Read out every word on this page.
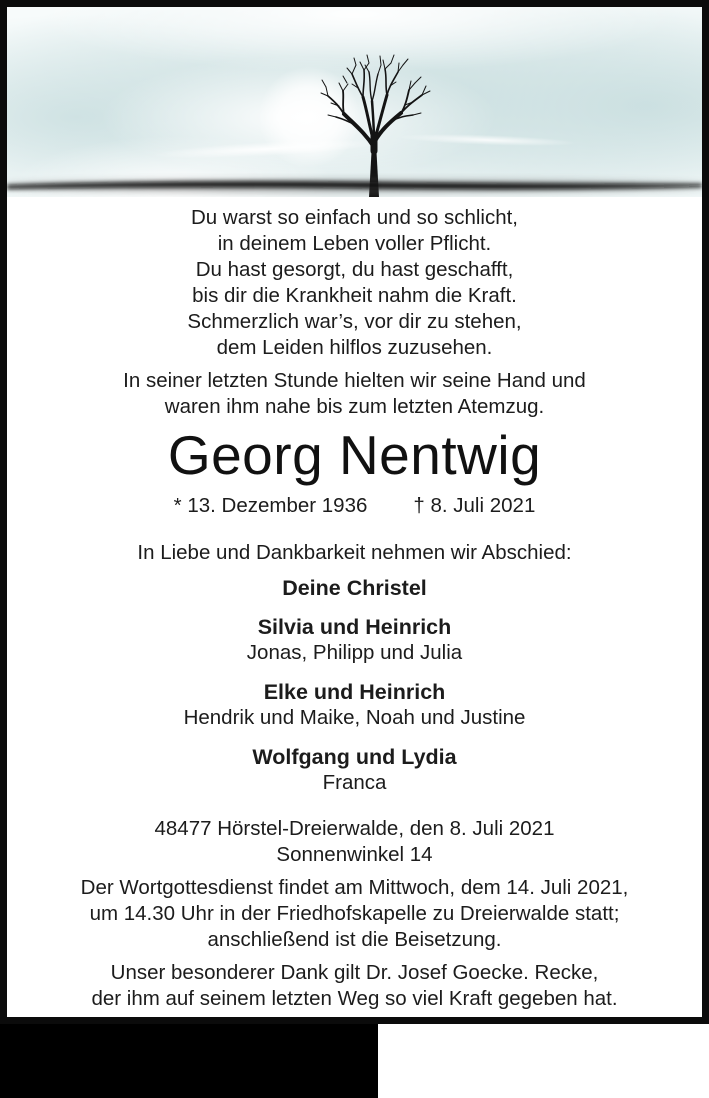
Du warst so einfach und so schlicht,
in deinem Leben voller Pflicht.
Du hast gesorgt, du hast geschafft,
bis dir die Krankheit nahm die Kraft.
Schmerzlich war’s, vor dir zu stehen,
dem Leiden hilflos zuzusehen.
In seiner letzten Stunde hielten wir seine Hand und
waren ihm nahe bis zum letzten Atemzug.
Georg Nentwig
* 13. Dezember 1936 † 8. Juli 2021
In Liebe und Dankbarkeit nehmen wir Abschied:
Deine Christel
Silvia und Heinrich
Jonas, Philipp und Julia
Elke und Heinrich
Hendrik und Maike, Noah und Justine
Wolfgang und Lydia
Franca
48477 Hörstel-Dreierwalde, den 8. Juli 2021
Sonnenwinkel 14
Der Wortgottesdienst findet am Mittwoch, dem 14. Juli 2021,
um 14.30 Uhr in der Friedhofskapelle zu Dreierwalde statt;
anschließend ist die Beisetzung.
Unser besonderer Dank gilt Dr. Josef Goecke. Recke,
der ihm auf seinem letzten Weg so viel Kraft gegeben hat.
